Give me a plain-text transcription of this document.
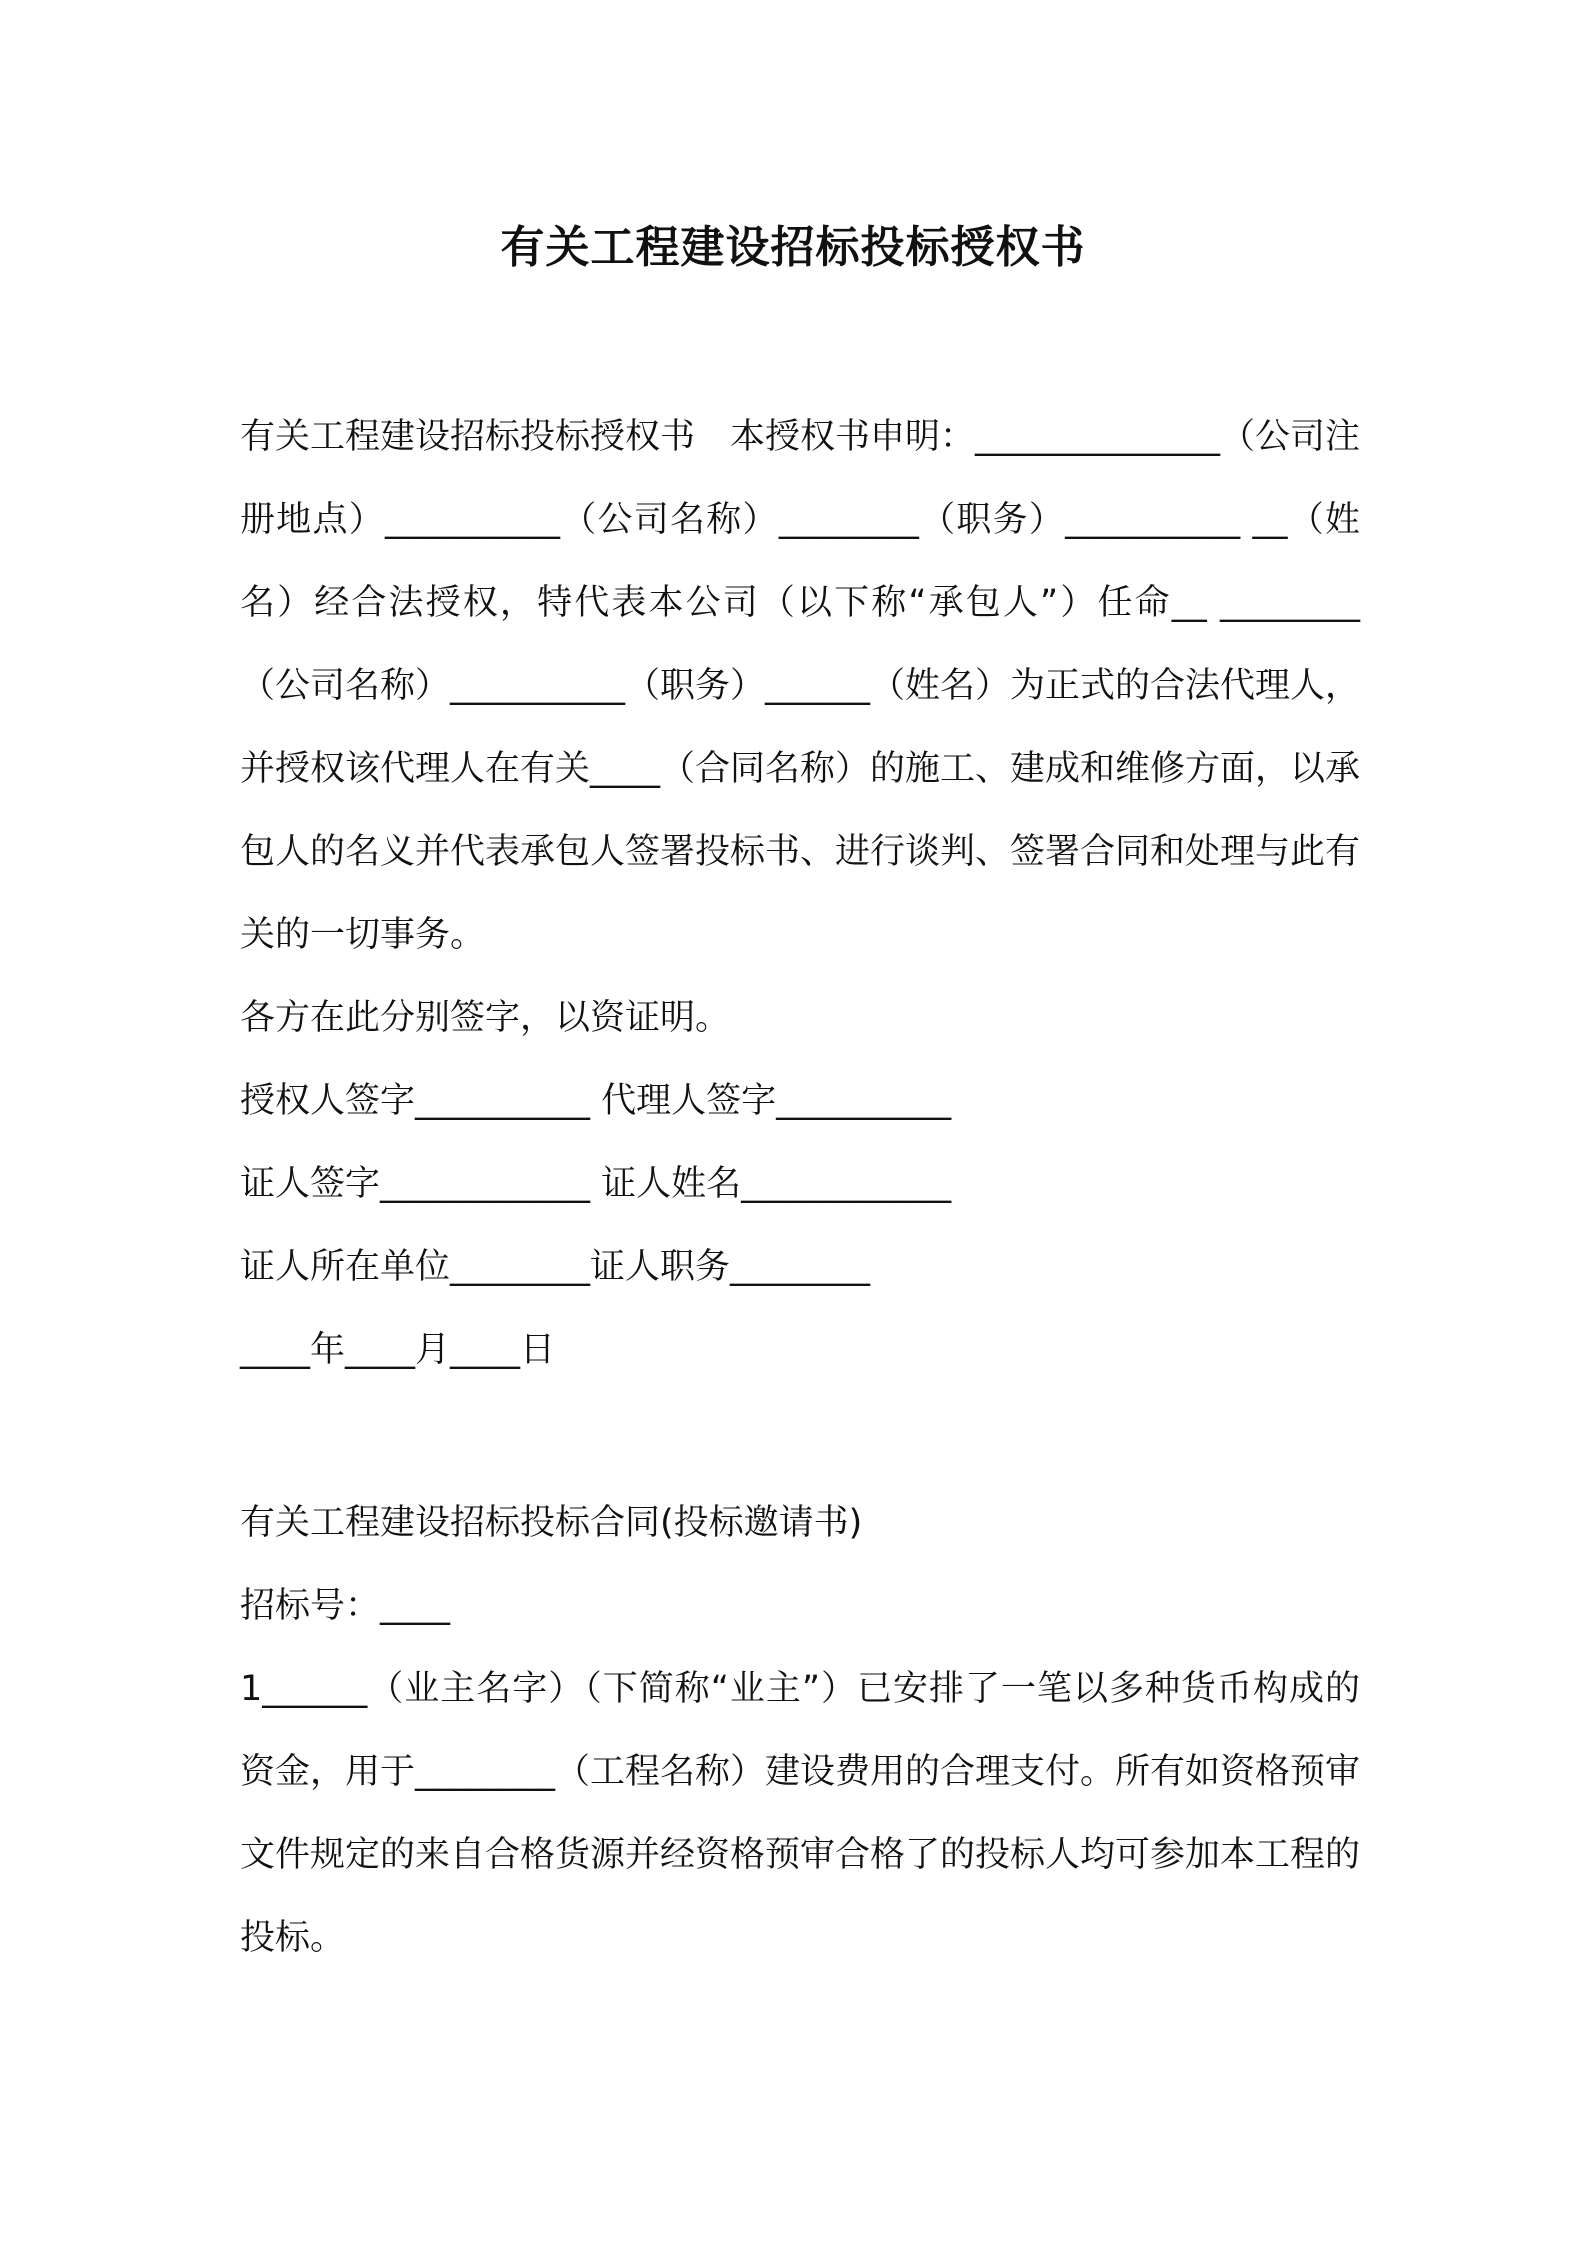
有关工程建设招标投标授权书

有关工程建设招标投标授权书　本授权书申明：______________（公司注册地点）__________（公司名称）________（职务）__________ __（姓名）经合法授权，特代表本公司（以下称“承包人”）任命__ ________（公司名称）__________（职务）______（姓名）为正式的合法代理人，并授权该代理人在有关____（合同名称）的施工、建成和维修方面，以承包人的名义并代表承包人签署投标书、进行谈判、签署合同和处理与此有关的一切事务。

各方在此分别签字，以资证明。

授权人签字__________ 代理人签字__________

证人签字____________ 证人姓名____________

证人所在单位________证人职务________

____年____月____日

有关工程建设招标投标合同(投标邀请书)

招标号：____

1______（业主名字）（下简称“业主”）已安排了一笔以多种货币构成的资金，用于________（工程名称）建设费用的合理支付。所有如资格预审文件规定的来自合格货源并经资格预审合格了的投标人均可参加本工程的投标。
